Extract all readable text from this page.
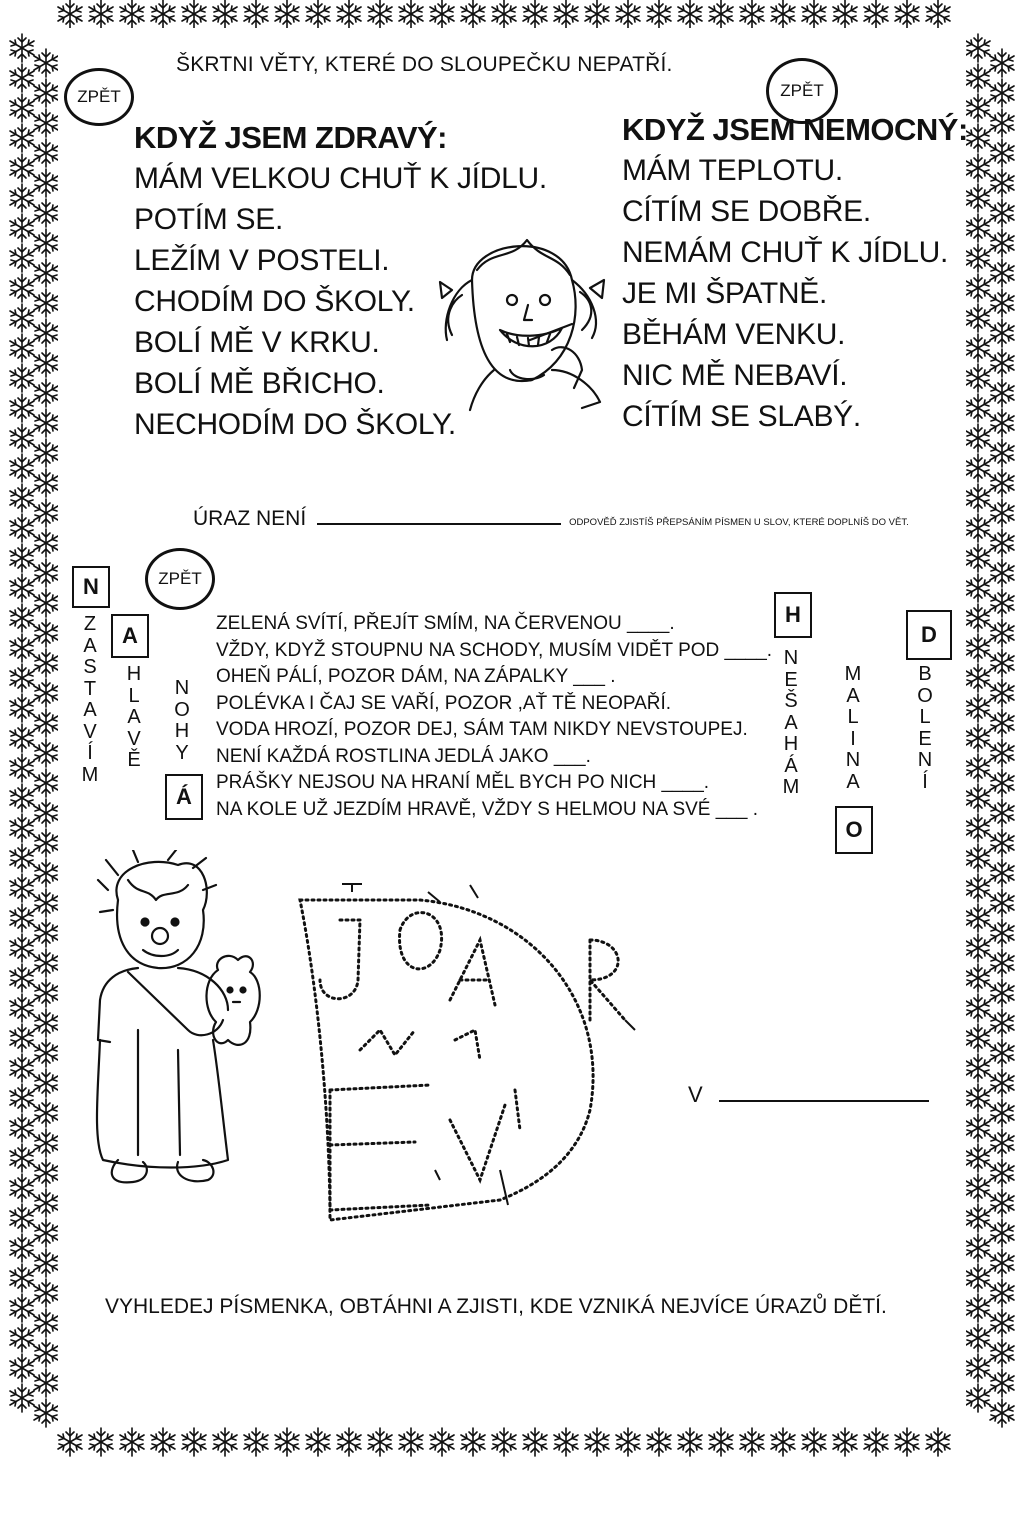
ŠKRTNI VĚTY, KTERÉ DO SLOUPEČKU NEPATŘÍ.
ZPĚT	ZPĚT
ZPĚT
KDYŽ JSEM ZDRAVÝ:
MÁM VELKOU CHUŤ K JÍDLU.
POTÍM SE.
LEŽÍM V POSTELI.
CHODÍM DO ŠKOLY.
BOLÍ MĚ V KRKU.
BOLÍ MĚ BŘICHO.
NECHODÍM DO ŠKOLY.
KDYŽ JSEM NEMOCNÝ:
MÁM TEPLOTU.
CÍTÍM SE DOBŘE.
NEMÁM CHUŤ K JÍDLU.
JE MI ŠPATNĚ.
BĚHÁM VENKU.
NIC MĚ NEBAVÍ.
CÍTÍM SE SLABÝ.
ÚRAZ NENÍ	ODPOVĚĎ ZJISTÍŠ PŘEPSÁNÍM PÍSMEN U SLOV, KTERÉ DOPLNÍŠ DO VĚT.
N
Z
A
S
T
A
V
Í
M
A
H
L
A
V
Ě
N
O
H
Y
Á
H
N
E
Š
A
H
Á
M
M
A
L
I
N
A
O
D
B
O
L
E
N
Í
ZELENÁ SVÍTÍ, PŘEJÍT SMÍM, NA ČERVENOU ____.
VŽDY, KDYŽ STOUPNU NA SCHODY, MUSÍM VIDĚT POD ____.
OHEŇ PÁLÍ, POZOR DÁM, NA ZÁPALKY ___ .
POLÉVKA I ČAJ SE VAŘÍ, POZOR ,AŤ TĚ NEOPAŘÍ.
VODA HROZÍ, POZOR DEJ, SÁM TAM NIKDY NEVSTOUPEJ.
NENÍ KAŽDÁ ROSTLINA JEDLÁ JAKO ___.
PRÁŠKY NEJSOU NA HRANÍ MĚL BYCH PO NICH ____.
NA KOLE UŽ JEZDÍM HRAVĚ, VŽDY S HELMOU NA SVÉ ___ .
V
VYHLEDEJ PÍSMENKA, OBTÁHNI A ZJISTI, KDE VZNIKÁ NEJVÍCE ÚRAZŮ DĚTÍ.
